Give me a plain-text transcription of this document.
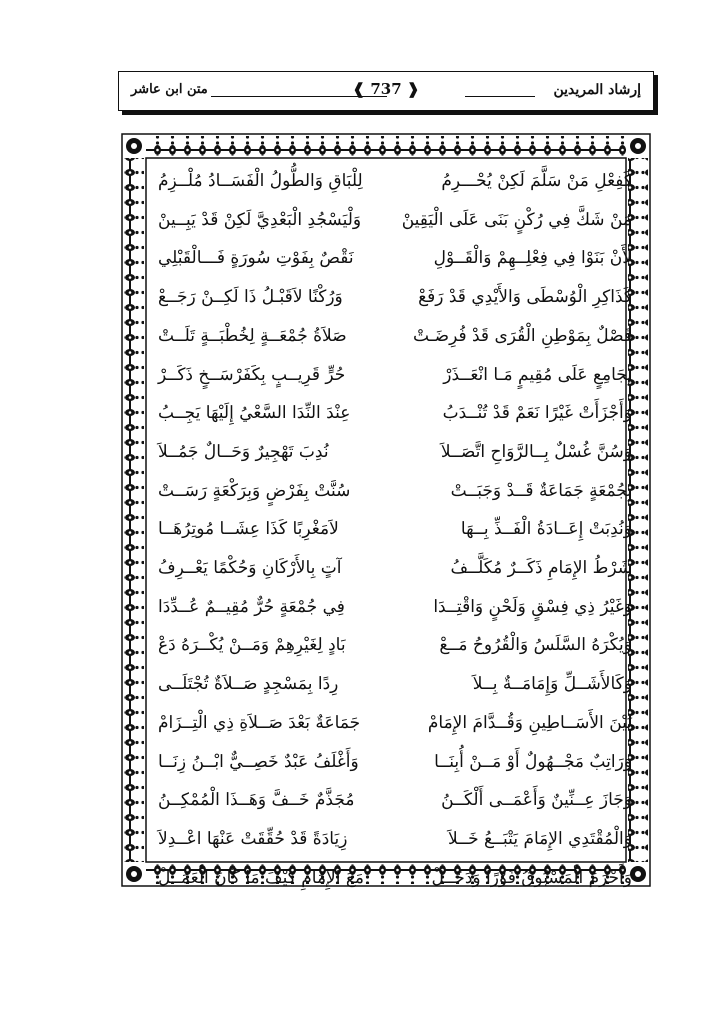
إرشاد المريدين
❰ 737 ❱
متن ابن عاشر
كَفِعْلِ مَنْ سَلَّمَ لَكِنْ يُحْـــرِمُ
لِلْبَاقِ وَالطُّولُ الْفَسَــادُ مُلْــزِمُ
مَنْ شَكَّ فِي رُكْنٍ بَنَى عَلَى الْيَقِينْ
وَلْيَسْجُدِ الْبَعْدِيَّ لَكِنْ قَدْ يَبِــينْ
لأَنْ بَنَوْا فِي فِعْلِــهِمْ وَالْقَــوْلِ
نَقْصٌ بِفَوْتِ سُورَةٍ فَـــالْقَبْلِي
كَذَاكِرِ الْوُسْطَى وَالأَيْدِي قَدْ رَفَعْ
وَرُكْنًا لاَقَبْـلُ ذَا لَكِــنْ رَجَــعْ
فَصْلٌ بِمَوْطِنِ الْقُرَى قَدْ فُرِضَـتْ
صَلاَةُ جُمْعَــةٍ لِخُطْبَــةٍ تَلَــتْ
بِجَامِعٍ عَلَى مُقِيمٍ مَـا انْعَــذَرْ
حُرٍّ قَرِيــبٍ بِكَفَرْسَــخٍ ذَكَــرْ
وَأَجْزَأَتْ غَيْرًا نَعَمْ قَدْ تُنْــدَبُ
عِنْدَ النِّدَا السَّعْيُ إِلَيْهَا يَجِــبُ
وَسُنَّ غُسْلٌ بِــالرَّوَاحِ اتَّصَــلاَ
نُدِبَ تَهْجِيرٌ وَحَــالٌ جَمُــلاَ
بِجُمْعَةٍ جَمَاعَةٌ قَــدْ وَجَبَــتْ
سُنَّتْ بِفَرْضٍ وَبِرَكْعَةٍ رَسَــتْ
وَنُدِبَتْ إِعَــادَةُ الْفَــذِّ بِــهَا
لاَمَغْرِبًا كَذَا عِشَــا مُوتِرُهَــا
شَرْطُ الإِمَامِ ذَكَــرٌ مُكَلَّــفُ
آتٍ بِالأَرْكَانِ وَحُكْمًا يَعْــرِفُ
وَغَيْرُ ذِي فِسْقٍ وَلَحْنٍ وَاقْتِــدَا
فِي جُمْعَةٍ حُرٌّ مُقِيــمٌ عُــدِّدَا
وَيُكْرَهُ السَّلَسُ وَالْقُرُوحُ مَــعْ
بَادٍ لِغَيْرِهِمْ وَمَــنْ يُكْــرَهُ دَعْ
وَكَالأَشَــلِّ وَإِمَامَــةٌ بِــلاَ
رِدًا بِمَسْجِدٍ صَــلاَةٌ تُجْتَلَــى
بَيْنَ الأَسَــاطِينِ وَقُــدَّامَ الإِمَامْ
جَمَاعَةٌ بَعْدَ صَــلاَةِ ذِي الْتِــزَامْ
وَرَاتِبٌ مَجْــهُولٌ أَوْ مَــنْ أُبِنَــا
وَأَغْلَفُ عَبْدٌ خَصِــيٌّ ابْــنُ زِنَــا
وَجَازَ عِــنِّينٌ وَأَعْمَــى أَلْكَــنُ
مُجَذَّمٌ خَــفَّ وَهَــذَا الْمُمْكِــنُ
وَالْمُقْتَدِي الإِمَامَ يَتْبَــعُ خَــلاَ
زِيَادَةً قَدْ حُقِّقَتْ عَنْهَا اعْــدِلاَ
وَأَحْرَمَ الْمَسْبُوقُ فَوْرًا وَدَخَــلْ
مَعَ الإِمَامِ كَيْفَ مَا كَانَ الْعَمَــلْ
